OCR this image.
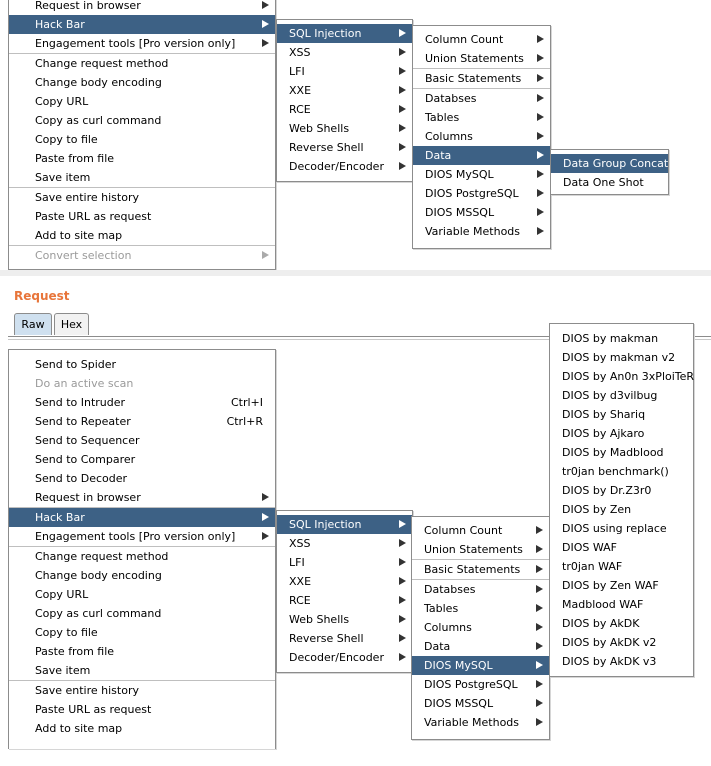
Request in browser
Hack Bar
Engagement tools [Pro version only]
Change request method
Change body encoding
Copy URL
Copy as curl command
Copy to file
Paste from file
Save item
Save entire history
Paste URL as request
Add to site map
Convert selection
SQL Injection
XSS
LFI
XXE
RCE
Web Shells
Reverse Shell
Decoder/Encoder
Column Count
Union Statements
Basic Statements
Databses
Tables
Columns
Data
DIOS MySQL
DIOS PostgreSQL
DIOS MSSQL
Variable Methods
Data Group Concat
Data One Shot
Request
Raw	Hex
Send to Spider
Do an active scan
Send to Intruder	Ctrl+I
Send to Repeater	Ctrl+R
Send to Sequencer
Send to Comparer
Send to Decoder
Request in browser
Hack Bar
Engagement tools [Pro version only]
Change request method
Change body encoding
Copy URL
Copy as curl command
Copy to file
Paste from file
Save item
Save entire history
Paste URL as request
Add to site map
SQL Injection
XSS
LFI
XXE
RCE
Web Shells
Reverse Shell
Decoder/Encoder
Column Count
Union Statements
Basic Statements
Databses
Tables
Columns
Data
DIOS MySQL
DIOS PostgreSQL
DIOS MSSQL
Variable Methods
DIOS by makman
DIOS by makman v2
DIOS by An0n 3xPloiTeR
DIOS by d3vilbug
DIOS by Shariq
DIOS by Ajkaro
DIOS by Madblood
tr0jan benchmark()
DIOS by Dr.Z3r0
DIOS by Zen
DIOS using replace
DIOS WAF
tr0jan WAF
DIOS by Zen WAF
Madblood WAF
DIOS by AkDK
DIOS by AkDK v2
DIOS by AkDK v3
